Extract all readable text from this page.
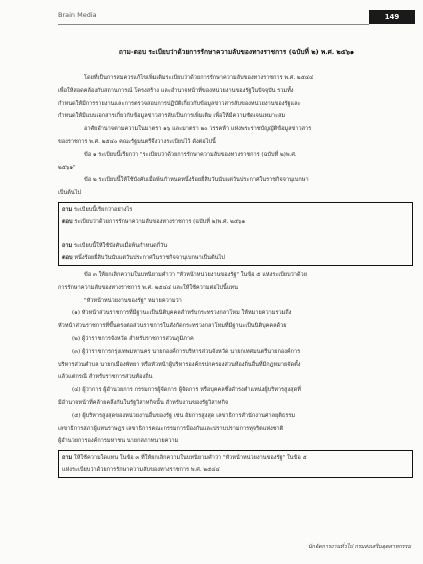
Brain Media	149
ถาม-ตอบ ระเบียบว่าด้วยการรักษาความลับของทางราชการ (ฉบับที่ ๒) พ.ศ. ๒๕๖๑

โดยที่เป็นการสมควรแก้ไขเพิ่มเติมระเบียบว่าด้วยการรักษาความลับของทางราชการ พ.ศ. ๒๕๔๔

เพื่อให้สอดคล้องกับสถานการณ์ โครงสร้าง และอำนาจหน้าที่ของหน่วยงานของรัฐในปัจจุบัน รวมทั้ง

กำหนดให้มีการรายงานและการตรวจสอบการปฏิบัติเกี่ยวกับข้อมูลข่าวสารลับของหน่วยงานของรัฐและ

กำหนดให้มีแบบเอกสารเกี่ยวกับข้อมูลข่าวสารลับเป็นการเพิ่มเติม เพื่อให้มีความชัดเจนเหมาะสม

อาศัยอำนาจตามความในมาตรา ๑๖ และมาตรา ๒๐ วรรคห้า แห่งพระราชบัญญัติข้อมูลข่าวสาร

ของราชการ พ.ศ. ๒๕๔๐ คณะรัฐมนตรีจึงวางระเบียบไว้ ดังต่อไปนี้

ข้อ ๑ ระเบียบนี้เรียกว่า "ระเบียบว่าด้วยการรักษาความลับของทางราชการ (ฉบับที่ ๒)พ.ศ.

๒๕๖๑"

ข้อ ๒ ระเบียบนี้ให้ใช้บังคับเมื่อพ้นกำหนดหนึ่งร้อยยี่สิบวันนับแต่วันประกาศในราชกิจจานุเบกษา

เป็นต้นไป

ถาม ระเบียบนี้เรียกว่าอย่างไร

ตอบ ระเบียบว่าด้วยการรักษาความลับของทางราชการ (ฉบับที่ ๒)พ.ศ. ๒๕๖๑

ถาม ระเบียบนี้ให้ใช้บังคับเมื่อพ้นกำหนดกี่วัน

ตอบ หนึ่งร้อยยี่สิบวันนับแต่วันประกาศในราชกิจจานุเบกษาเป็นต้นไป

ข้อ ๓ ให้ยกเลิกความในบทนิยามคำว่า "หัวหน้าหน่วยงานของรัฐ" ในข้อ ๕ แห่งระเบียบว่าด้วย

การรักษาความลับของทางราชการ พ.ศ. ๒๕๔๔ และให้ใช้ความต่อไปนี้แทน

"หัวหน้าหน่วยงานของรัฐ" หมายความว่า

(๑) หัวหน้าส่วนราชการที่มีฐานะเป็นนิติบุคคลสำหรับกระทรวงกลาโหม ให้หมายความรวมถึง

หัวหน้าส่วนราชการที่ขึ้นตรงต่อส่วนราชการในสังกัดกระทรวงกลาโหมที่มีฐานะเป็นนิติบุคคลด้วย

(๒) ผู้ว่าราชการจังหวัด สำหรับราชการส่วนภูมิภาค

(๓) ผู้ว่าราชการกรุงเทพมหานคร นายกองค์การบริหารส่วนจังหวัด นายกเทศมนตรีนายกองค์การ

บริหารส่วนตำบล นายกเมืองพัทยา หรือหัวหน้าผู้บริหารองค์กรปกครองส่วนท้องถิ่นอื่นที่มีกฎหมายจัดตั้ง

แล้วแต่กรณี สำหรับราชการส่วนท้องถิ่น

(๔) ผู้ว่าการ ผู้อำนวยการ กรรมการผู้จัดการ ผู้จัดการ หรือบุคคลซึ่งดำรงตำแหน่งผู้บริหารสูงสุดที่

มีอำนาจหน้าที่คล้ายคลึงกันในรัฐวิสาหกิจนั้น สำหรับงานของรัฐวิสาหกิจ

(๕) ผู้บริหารสูงสุดของหน่วยงานอื่นของรัฐ เช่น อัยการสูงสุด เลขาธิการสำนักงานศาลยุติธรรม

เลขาธิการสภาผู้แทนราษฎร เลขาธิการคณะกรรมการป้องกันและปราบปรามการทุจริตแห่งชาติ

ผู้อำนวยการองค์การมหาชน นายกสภาทนายความ

ถาม ให้ใช้ความใดแทน ในข้อ ๓ ที่ให้ยกเลิกความในบทนิยามคำว่า "หัวหน้าหน่วยงานของรัฐ" ในข้อ ๕

แห่งระเบียบว่าด้วยการรักษาความลับของทางราชการ พ.ศ. ๒๕๔๔

นักจัดการงานทั่วไป กรมส่งเสริมอุตสาหกรรม
